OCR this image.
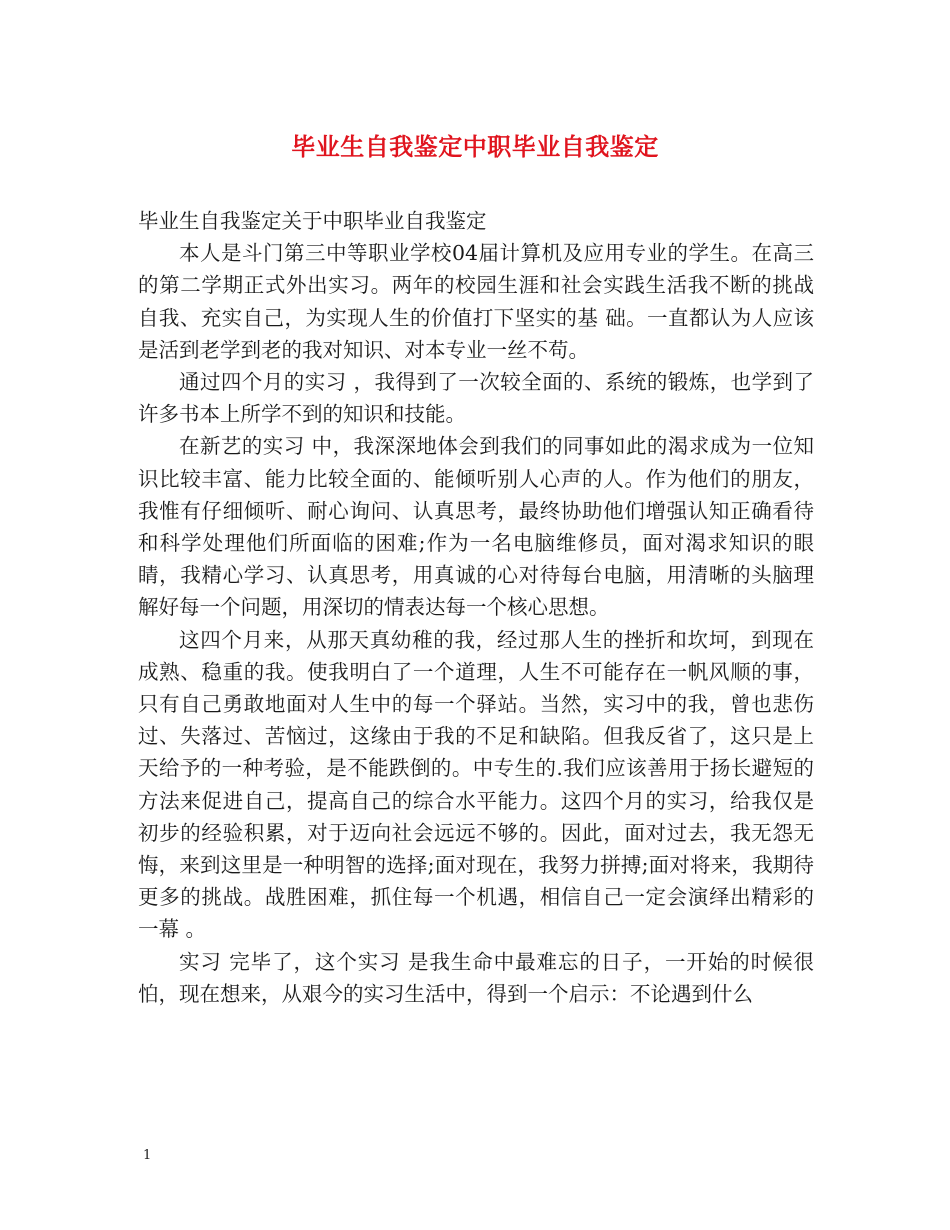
毕业生自我鉴定中职毕业自我鉴定

毕业生自我鉴定关于中职毕业自我鉴定

本人是斗门第三中等职业学校04届计算机及应用专业的学生。在高三的第二学期正式外出实习。两年的校园生涯和社会实践生活我不断的挑战自我、充实自己，为实现人生的价值打下坚实的基 础。一直都认为人应该是活到老学到老的我对知识、对本专业一丝不苟。

通过四个月的实习 ，我得到了一次较全面的、系统的锻炼，也学到了许多书本上所学不到的知识和技能。

在新艺的实习 中，我深深地体会到我们的同事如此的渴求成为一位知识比较丰富、能力比较全面的、能倾听别人心声的人。作为他们的朋友，我惟有仔细倾听、耐心询问、认真思考，最终协助他们增强认知正确看待和科学处理他们所面临的困难;作为一名电脑维修员，面对渴求知识的眼睛，我精心学习、认真思考，用真诚的心对待每台电脑，用清晰的头脑理解好每一个问题，用深切的情表达每一个核心思想。

这四个月来，从那天真幼稚的我，经过那人生的挫折和坎坷，到现在成熟、稳重的我。使我明白了一个道理，人生不可能存在一帆风顺的事，只有自己勇敢地面对人生中的每一个驿站。当然，实习中的我，曾也悲伤过、失落过、苦恼过，这缘由于我的不足和缺陷。但我反省了，这只是上天给予的一种考验，是不能跌倒的。中专生的.我们应该善用于扬长避短的方法来促进自己，提高自己的综合水平能力。这四个月的实习，给我仅是初步的经验积累，对于迈向社会远远不够的。因此，面对过去，我无怨无悔，来到这里是一种明智的选择;面对现在，我努力拼搏;面对将来，我期待更多的挑战。战胜困难，抓住每一个机遇，相信自己一定会演绎出精彩的一幕 。

实习 完毕了，这个实习 是我生命中最难忘的日子，一开始的时候很怕，现在想来，从艰今的实习生活中，得到一个启示：不论遇到什么

1
